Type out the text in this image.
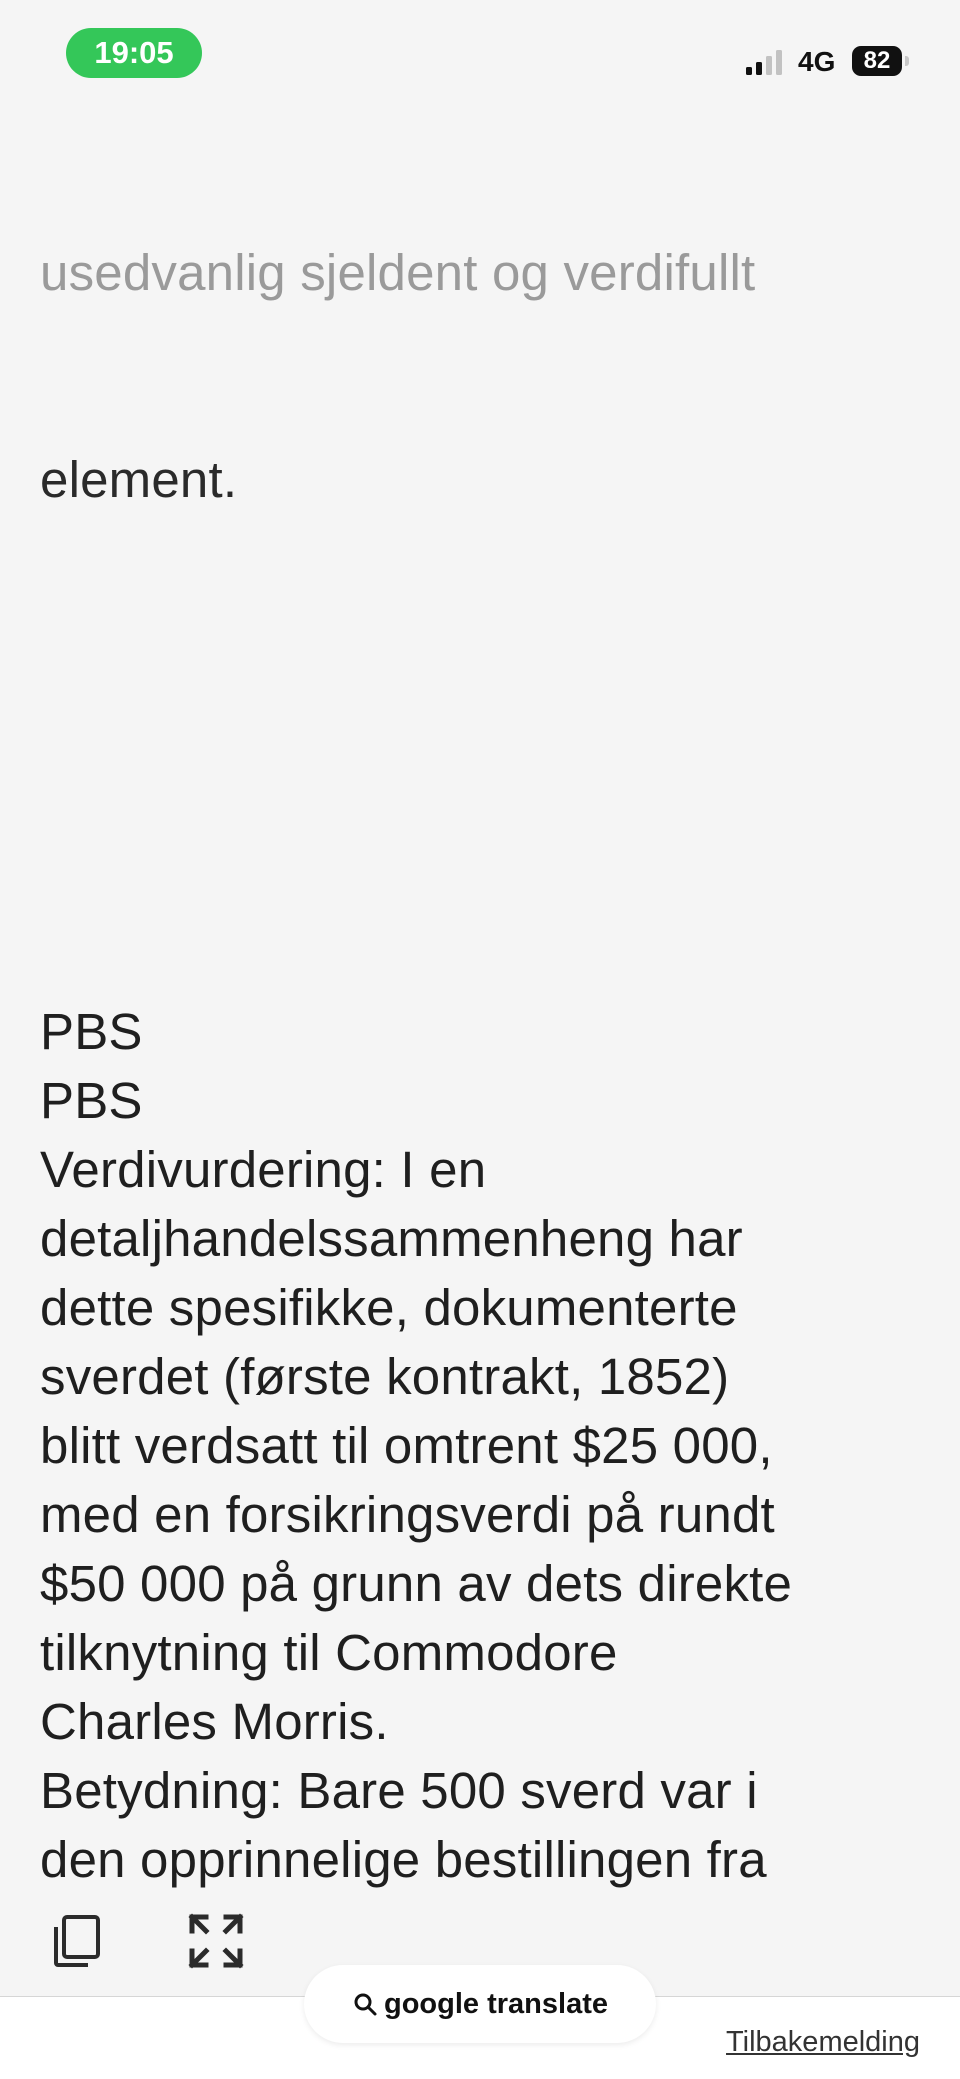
usedvanlig sjeldent og verdifullt

element.

PBS
PBS
Verdivurdering: I en
detaljhandelssammenheng har
dette spesifikke, dokumenterte
sverdet (første kontrakt, 1852)
blitt verdsatt til omtrent $25 000,
med en forsikringsverdi på rundt
$50 000 på grunn av dets direkte
tilknytning til Commodore
Charles Morris.
Betydning: Bare 500 sverd var i
den opprinnelige bestillingen fra

19:05	4G	82
google translate
Tilbakemelding
